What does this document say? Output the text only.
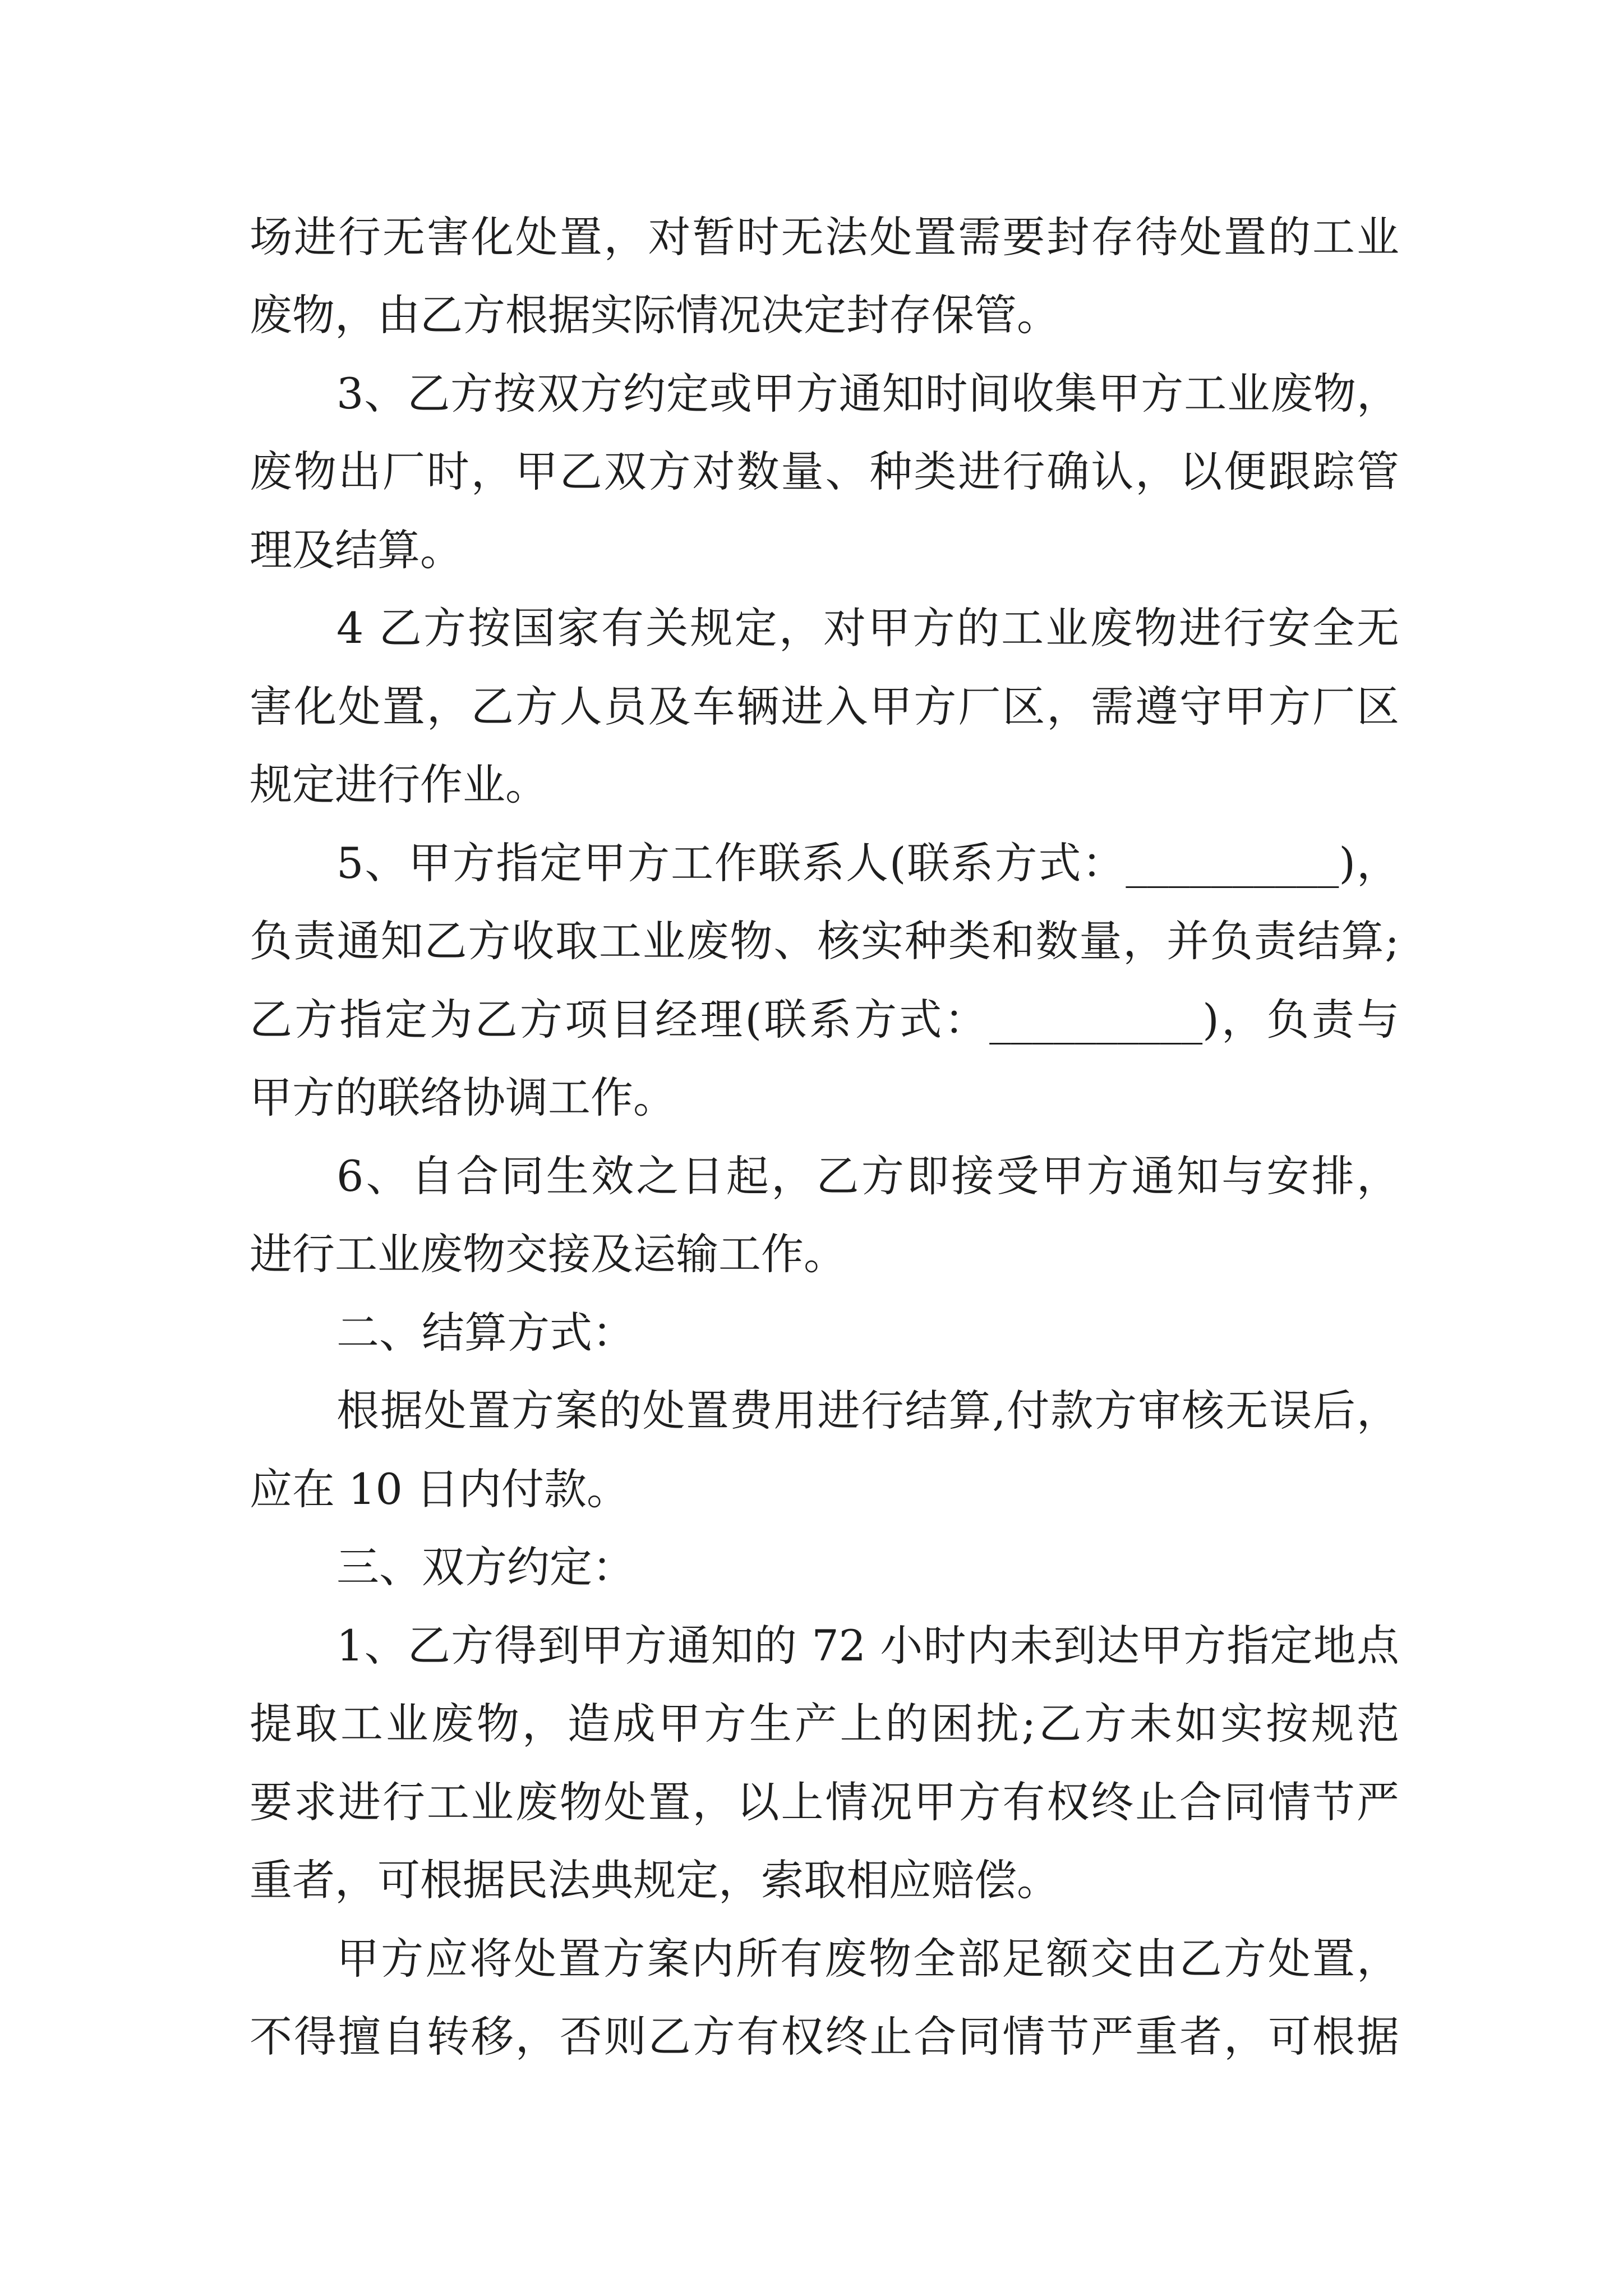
场进行无害化处置，对暂时无法处置需要封存待处置的工业

废物，由乙方根据实际情况决定封存保管。

3、乙方按双方约定或甲方通知时间收集甲方工业废物，

废物出厂时，甲乙双方对数量、种类进行确认，以便跟踪管

理及结算。

4 乙方按国家有关规定，对甲方的工业废物进行安全无

害化处置，乙方人员及车辆进入甲方厂区，需遵守甲方厂区

规定进行作业。

5、甲方指定甲方工作联系人(联系方式：__________)，

负责通知乙方收取工业废物、核实种类和数量，并负责结算;

乙方指定为乙方项目经理(联系方式：__________)，负责与

甲方的联络协调工作。

6、自合同生效之日起，乙方即接受甲方通知与安排，

进行工业废物交接及运输工作。

二、结算方式：

根据处置方案的处置费用进行结算,付款方审核无误后，

应在 10 日内付款。

三、双方约定：

1、乙方得到甲方通知的 72 小时内未到达甲方指定地点

提取工业废物，造成甲方生产上的困扰;乙方未如实按规范

要求进行工业废物处置，以上情况甲方有权终止合同情节严

重者，可根据民法典规定，索取相应赔偿。

甲方应将处置方案内所有废物全部足额交由乙方处置，

不得擅自转移，否则乙方有权终止合同情节严重者，可根据
